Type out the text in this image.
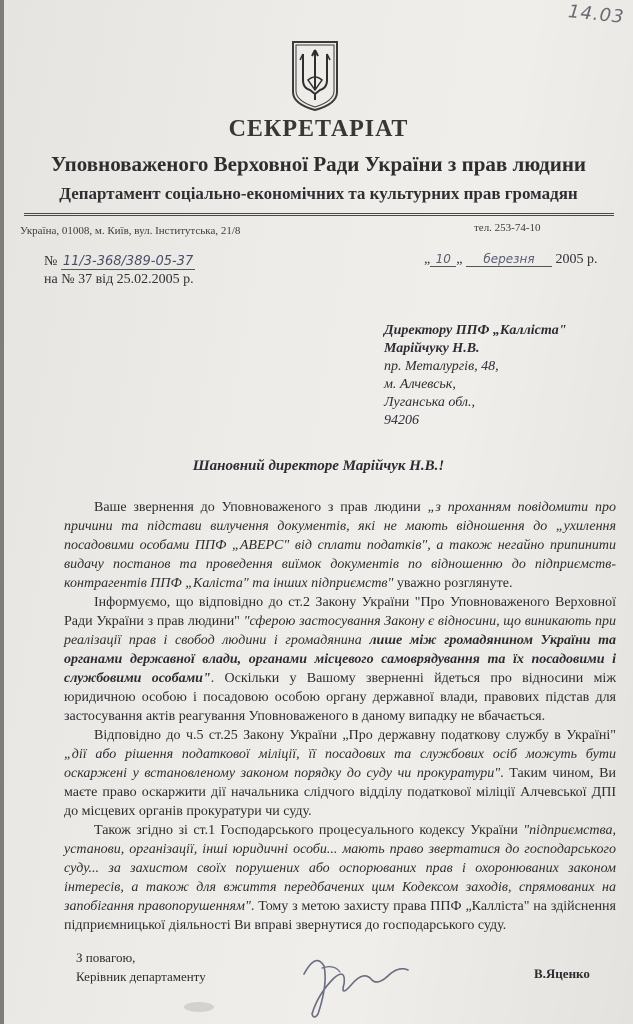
14.03
СЕКРЕТАРІАТ
Уповноваженого Верховної Ради України з прав людини
Департамент соціально-економічних та культурних прав громадян
Україна, 01008, м. Київ, вул. Інститутська, 21/8	тел. 253-74-10
№ 11/3-368/389-05-37
на № 37 від 25.02.2005 р.
„ 10 „ березня 2005 р.
Директору ППФ „Каллiста"
Марійчуку Н.В.
пр. Металургів, 48,
м. Алчевськ,
Луганська обл.,
94206
Шановний директоре Марійчук Н.В.!

Ваше звернення до Уповноваженого з прав людини „з проханням повідомити про причини та підстави вилучення документів, які не мають відношення до „ухилення посадовими особами ППФ „АВЕРС" від сплати податків", а також негайно припинити видачу постанов та проведення виїмок документів по відношенню до підприємств-контрагентів ППФ „Каліста" та інших підприємств" уважно розглянуте.

Інформуємо, що відповідно до ст.2 Закону України "Про Уповноваженого Верховної Ради України з прав людини" "сферою застосування Закону є відносини, що виникають при реалізації прав і свобод людини і громадянина лише між громадянином України та органами державної влади, органами місцевого самоврядування та їх посадовими і службовими особами". Оскільки у Вашому зверненні йдеться про відносини між юридичною особою і посадовою особою органу державної влади, правових підстав для застосування актів реагування Уповноваженого в даному випадку не вбачається.

Відповідно до ч.5 ст.25 Закону України „Про державну податкову службу в Україні" „дії або рішення податкової міліції, її посадових та службових осіб можуть бути оскаржені у встановленому законом порядку до суду чи прокуратури". Таким чином, Ви маєте право оскаржити дії начальника слідчого відділу податкової міліції Алчевської ДПІ до місцевих органів прокуратури чи суду.

Також згідно зі ст.1 Господарського процесуального кодексу України "підприємства, установи, організації, інші юридичні особи... мають право звертатися до господарського суду... за захистом своїх порушених або оспорюваних прав і охоронюваних законом інтересів, а також для вжиття передбачених цим Кодексом заходів, спрямованих на запобігання правопорушенням". Тому з метою захисту права ППФ „Каллiста" на здійснення підприємницької діяльності Ви вправі звернутися до господарського суду.

З повагою,
Керівник департаменту	В.Яценко
